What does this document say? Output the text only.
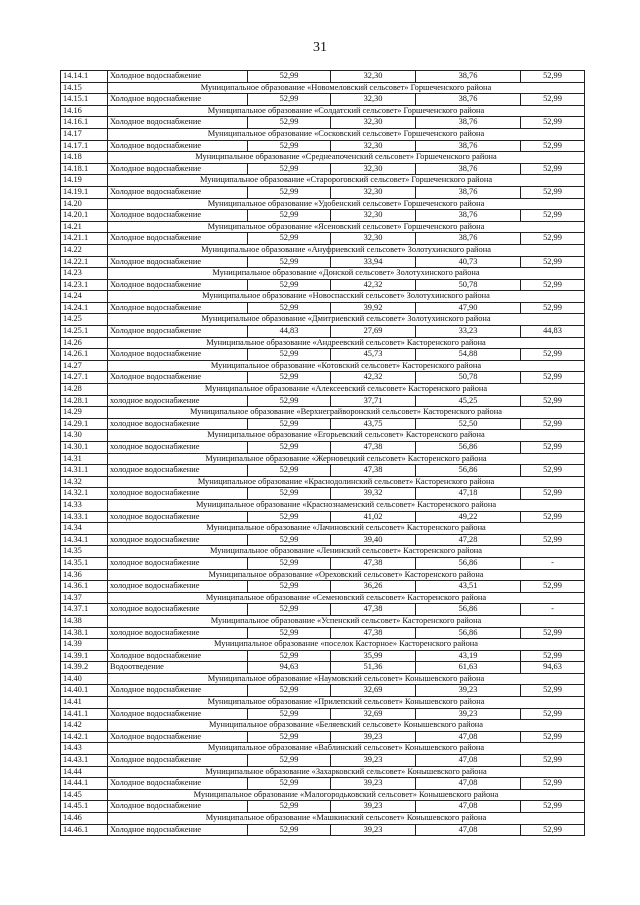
31
14.14.1	Холодное водоснабжение	52,99	32,30	38,76	52,99
14.15	Муниципальное образование «Новомеловский сельсовет» Горшеченского района				
14.15.1	Холодное водоснабжение	52,99	32,30	38,76	52,99
14.16	Муниципальное образование «Солдатский сельсовет» Горшеченского района				
14.16.1	Холодное водоснабжение	52,99	32,30	38,76	52,99
14.17	Муниципальное образование «Сосковский сельсовет» Горшеченского района				
14.17.1	Холодное водоснабжение	52,99	32,30	38,76	52,99
14.18	Муниципальное образование «Среднеапоченский сельсовет» Горшеченского района				
14.18.1	Холодное водоснабжение	52,99	32,30	38,76	52,99
14.19	Муниципальное образование «Старороговский сельсовет» Горшеченского района				
14.19.1	Холодное водоснабжение	52,99	32,30	38,76	52,99
14.20	Муниципальное образование «Удобенский сельсовет» Горшеченского района				
14.20.1	Холодное водоснабжение	52,99	32,30	38,76	52,99
14.21	Муниципальное образование «Ясеновский сельсовет» Горшеченского района				
14.21.1	Холодное водоснабжение	52,99	32,30	38,76	52,99
14.22	Муниципальное образование «Ануфриевский сельсовет» Золотухинского района				
14.22.1	Холодное водоснабжение	52,99	33,94	40,73	52,99
14.23	Муниципальное образование «Донской сельсовет» Золотухинского района				
14.23.1	Холодное водоснабжение	52,99	42,32	50,78	52,99
14.24	Муниципальное образование «Новоспасский сельсовет» Золотухинского района				
14.24.1	Холодное водоснабжение	52,99	39,92	47,90	52,99
14.25	Муниципальное образование «Дмитриевский сельсовет» Золотухинского района				
14.25.1	Холодное водоснабжение	44,83	27,69	33,23	44,83
14.26	Муниципальное образование «Андреевский сельсовет» Касторенского района				
14.26.1	Холодное водоснабжение	52,99	45,73	54,88	52,99
14.27	Муниципальное образование «Котовский сельсовет» Касторенского района				
14.27.1	Холодное водоснабжение	52,99	42,32	50,78	52,99
14.28	Муниципальное образование «Алексеевский сельсовет» Касторенского района				
14.28.1	холодное водоснабжение	52,99	37,71	45,25	52,99
14.29	Муниципальное образование «Верхнеграйворонский сельсовет» Касторенского района				
14.29.1	холодное водоснабжение	52,99	43,75	52,50	52,99
14.30	Муниципальное образование «Егорьевский сельсовет» Касторенского района				
14.30.1	холодное водоснабжение	52,99	47,38	56,86	52,99
14.31	Муниципальное образование «Жерновецкий сельсовет» Касторенского района				
14.31.1	холодное водоснабжение	52,99	47,38	56,86	52,99
14.32	Муниципальное образование «Краснодолинский сельсовет» Касторенского района				
14.32.1	холодное водоснабжение	52,99	39,32	47,18	52,99
14.33	Муниципальное образование «Краснознаменский сельсовет» Касторенского района				
14.33.1	холодное водоснабжение	52,99	41,02	49,22	52,99
14.34	Муниципальное образование «Лачиновский сельсовет» Касторенского района				
14.34.1	холодное водоснабжение	52,99	39,40	47,28	52,99
14.35	Муниципальное образование «Ленинский сельсовет» Касторенского района				
14.35.1	холодное водоснабжение	52,99	47,38	56,86	-
14.36	Муниципальное образование «Ореховский сельсовет» Касторенского района				
14.36.1	холодное водоснабжение	52,99	36,26	43,51	52,99
14.37	Муниципальное образование «Семеновский сельсовет» Касторенского района				
14.37.1	холодное водоснабжение	52,99	47,38	56,86	-
14.38	Муниципальное образование «Успенский сельсовет» Касторенского района				
14.38.1	холодное водоснабжение	52,99	47,38	56,86	52,99
14.39	Муниципальное образование «поселок Касторное» Касторенского района				
14.39.1	Холодное водоснабжение	52,99	35,99	43,19	52,99
14.39.2	Водоотведение	94,63	51,36	61,63	94,63
14.40	Муниципальное образование «Наумовский сельсовет» Конышевского района				
14.40.1	Холодное водоснабжение	52,99	32,69	39,23	52,99
14.41	Муниципальное образование «Прилепский сельсовет» Конышевского района				
14.41.1	Холодное водоснабжение	52,99	32,69	39,23	52,99
14.42	Муниципальное образование «Беляевский сельсовет» Конышевского района				
14.42.1	Холодное водоснабжение	52,99	39,23	47,08	52,99
14.43	Муниципальное образование «Ваблинский сельсовет» Конышевского района				
14.43.1	Холодное водоснабжение	52,99	39,23	47,08	52,99
14.44	Муниципальное образование «Захарковский сельсовет» Конышевского района				
14.44.1	Холодное водоснабжение	52,99	39,23	47,08	52,99
14.45	Муниципальное образование «Малогородьковский сельсовет» Конышевского района				
14.45.1	Холодное водоснабжение	52,99	39,23	47,08	52,99
14.46	Муниципальное образование «Машкинский сельсовет» Конышевского района				
14.46.1	Холодное водоснабжение	52,99	39,23	47,08	52,99
